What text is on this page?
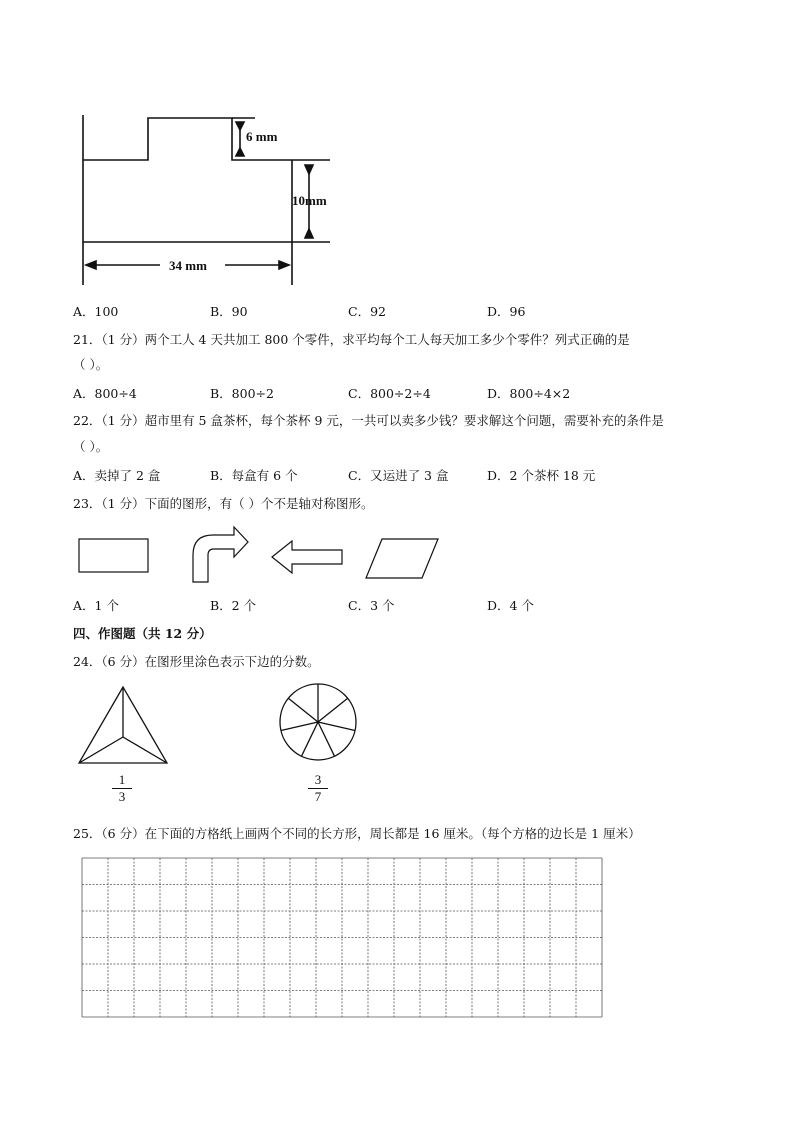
6 mm
10mm
34 mm
A．100	B．90	C．92	D．96
21．（1 分）两个工人 4 天共加工 800 个零件，求平均每个工人每天加工多少个零件？列式正确的是
（ ）。
A．800÷4	B．800÷2	C．800÷2÷4	D．800÷4×2
22．（1 分）超市里有 5 盒茶杯，每个茶杯 9 元，一共可以卖多少钱？要求解这个问题，需要补充的条件是
（ ）。
A．卖掉了 2 盒	B．每盒有 6 个	C．又运进了 3 盒	D．2 个茶杯 18 元
23．（1 分）下面的图形，有（ ）个不是轴对称图形。
A．1 个	B．2 个	C．3 个	D．4 个
四、作图题（共 12 分）
24．（6 分）在图形里涂色表示下边的分数。
1
3
3
7
25．（6 分）在下面的方格纸上画两个不同的长方形，周长都是 16 厘米。（每个方格的边长是 1 厘米）
